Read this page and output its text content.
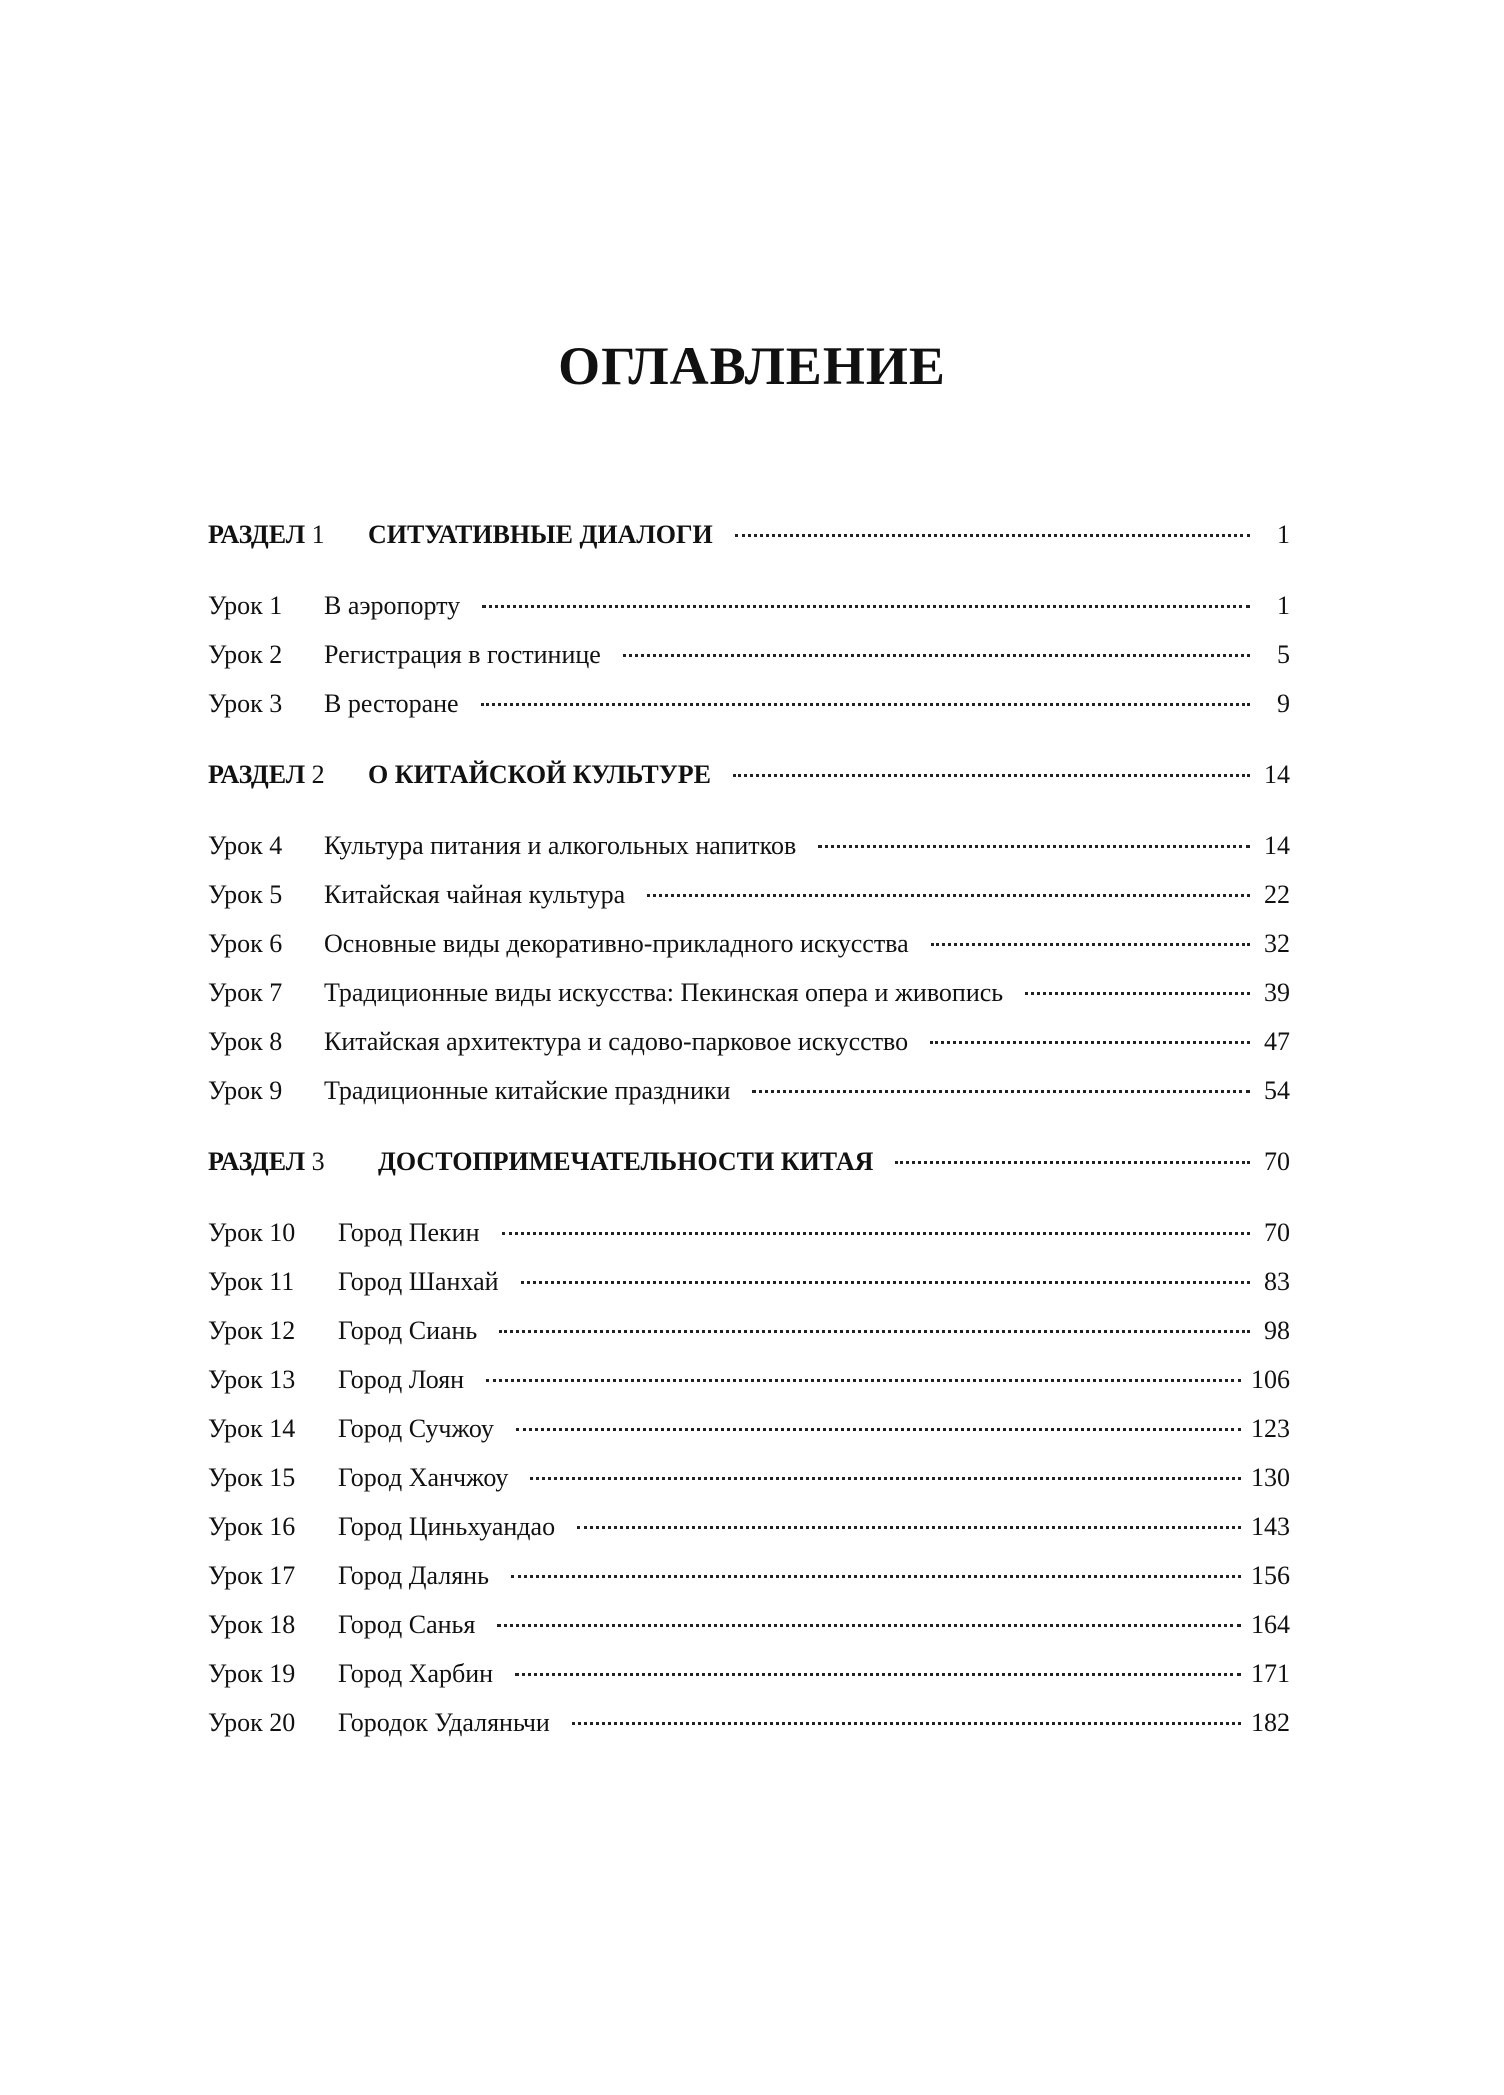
ОГЛАВЛЕНИЕ
РАЗДЕЛ 1	СИТУАТИВНЫЕ ДИАЛОГИ	1
Урок 1	В аэропорту	1
Урок 2	Регистрация в гостинице	5
Урок 3	В ресторане	9
РАЗДЕЛ 2	О КИТАЙСКОЙ КУЛЬТУРЕ	14
Урок 4	Культура питания и алкогольных напитков	14
Урок 5	Китайская чайная культура	22
Урок 6	Основные виды декоративно-прикладного искусства	32
Урок 7	Традиционные виды искусства: Пекинская опера и живопись	39
Урок 8	Китайская архитектура и садово-парковое искусство	47
Урок 9	Традиционные китайские праздники	54
РАЗДЕЛ 3	ДОСТОПРИМЕЧАТЕЛЬНОСТИ КИТАЯ	70
Урок 10	Город Пекин	70
Урок 11	Город Шанхай	83
Урок 12	Город Сиань	98
Урок 13	Город Лоян	106
Урок 14	Город Сучжоу	123
Урок 15	Город Ханчжоу	130
Урок 16	Город Циньхуандао	143
Урок 17	Город Далянь	156
Урок 18	Город Санья	164
Урок 19	Город Харбин	171
Урок 20	Городок Удаляньчи	182
